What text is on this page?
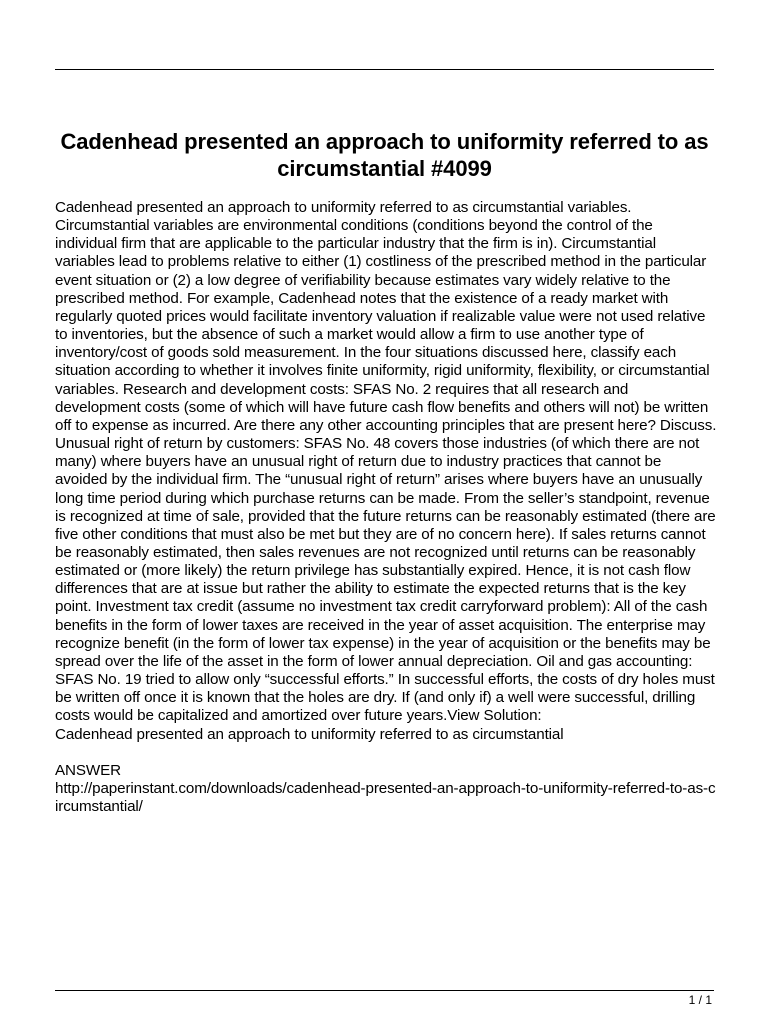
Cadenhead presented an approach to uniformity referred to as circumstantial #4099

Cadenhead presented an approach to uniformity referred to as circumstantial variables. Circumstantial variables are environmental conditions (conditions beyond the control of the individual firm that are applicable to the particular industry that the firm is in). Circumstantial variables lead to problems relative to either (1) costliness of the prescribed method in the particular event situation or (2) a low degree of verifiability because estimates vary widely relative to the prescribed method. For example, Cadenhead notes that the existence of a ready market with regularly quoted prices would facilitate inventory valuation if realizable value were not used relative to inventories, but the absence of such a market would allow a firm to use another type of inventory/cost of goods sold measurement. In the four situations discussed here, classify each situation according to whether it involves finite uniformity, rigid uniformity, flexibility, or circumstantial variables. Research and development costs: SFAS No. 2 requires that all research and development costs (some of which will have future cash flow benefits and others will not) be written off to expense as incurred. Are there any other accounting principles that are present here? Discuss. Unusual right of return by customers: SFAS No. 48 covers those industries (of which there are not many) where buyers have an unusual right of return due to industry practices that cannot be avoided by the individual firm. The “unusual right of return” arises where buyers have an unusually long time period during which purchase returns can be made. From the seller’s standpoint, revenue is recognized at time of sale, provided that the future returns can be reasonably estimated (there are five other conditions that must also be met but they are of no concern here). If sales returns cannot be reasonably estimated, then sales revenues are not recognized until returns can be reasonably estimated or (more likely) the return privilege has substantially expired. Hence, it is not cash flow differences that are at issue but rather the ability to estimate the expected returns that is the key point. Investment tax credit (assume no investment tax credit carryforward problem): All of the cash benefits in the form of lower taxes are received in the year of asset acquisition. The enterprise may recognize benefit (in the form of lower tax expense) in the year of acquisition or the benefits may be spread over the life of the asset in the form of lower annual depreciation. Oil and gas accounting: SFAS No. 19 tried to allow only “successful efforts.” In successful efforts, the costs of dry holes must be written off once it is known that the holes are dry. If (and only if) a well were successful, drilling costs would be capitalized and amortized over future years.View Solution:

Cadenhead presented an approach to uniformity referred to as circumstantial

ANSWER

http://paperinstant.com/downloads/cadenhead-presented-an-approach-to-uniformity-referred-to-as-circumstantial/

1 / 1
